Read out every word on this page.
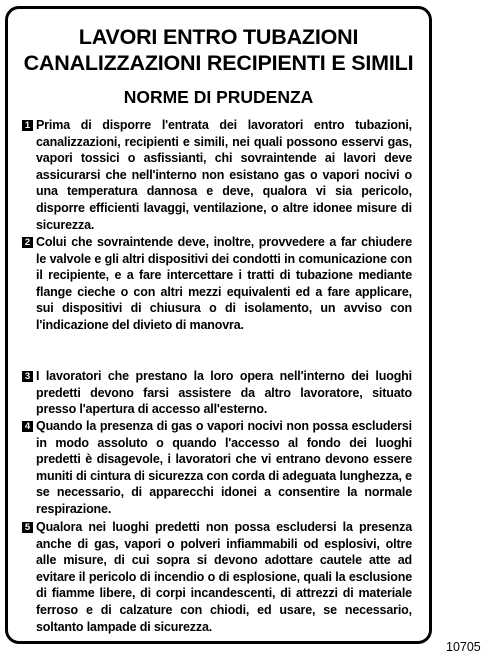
LAVORI ENTRO TUBAZIONI
CANALIZZAZIONI RECIPIENTI E SIMILI
NORME DI PRUDENZA
1 Prima di disporre l'entrata dei lavoratori entro tubazioni, canalizzazioni, recipienti e simili, nei quali possono esservi gas, vapori tossici o asfissianti, chi sovraintende ai lavori deve assicurarsi che nell'interno non esistano gas o vapori nocivi o una temperatura dannosa e deve, qualora vi sia pericolo, disporre efficienti lavaggi, ventilazione, o altre idonee misure di sicurezza.

2 Colui che sovraintende deve, inoltre, provvedere a far chiudere le valvole e gli altri dispositivi dei condotti in comunicazione con il recipiente, e a fare intercettare i tratti di tubazione mediante flange cieche o con altri mezzi equivalenti ed a fare applicare, sui dispositivi di chiusura o di isolamento, un avviso con l'indicazione del divieto di manovra.

3 I lavoratori che prestano la loro opera nell'interno dei luoghi predetti devono farsi assistere da altro lavoratore, situato presso l'apertura di accesso all'esterno.

4 Quando la presenza di gas o vapori nocivi non possa escludersi in modo assoluto o quando l'accesso al fondo dei luoghi predetti è disagevole, i lavoratori che vi entrano devono essere muniti di cintura di sicurezza con corda di adeguata lunghezza, e se necessario, di apparecchi idonei a consentire la normale respirazione.

5 Qualora nei luoghi predetti non possa escludersi la presenza anche di gas, vapori o polveri infiammabili od esplosivi, oltre alle misure, di cui sopra si devono adottare cautele atte ad evitare il pericolo di incendio o di esplosione, quali la esclusione di fiamme libere, di corpi incandescenti, di attrezzi di materiale ferroso e di calzature con chiodi, ed usare, se necessario, soltanto lampade di sicurezza.

10705
